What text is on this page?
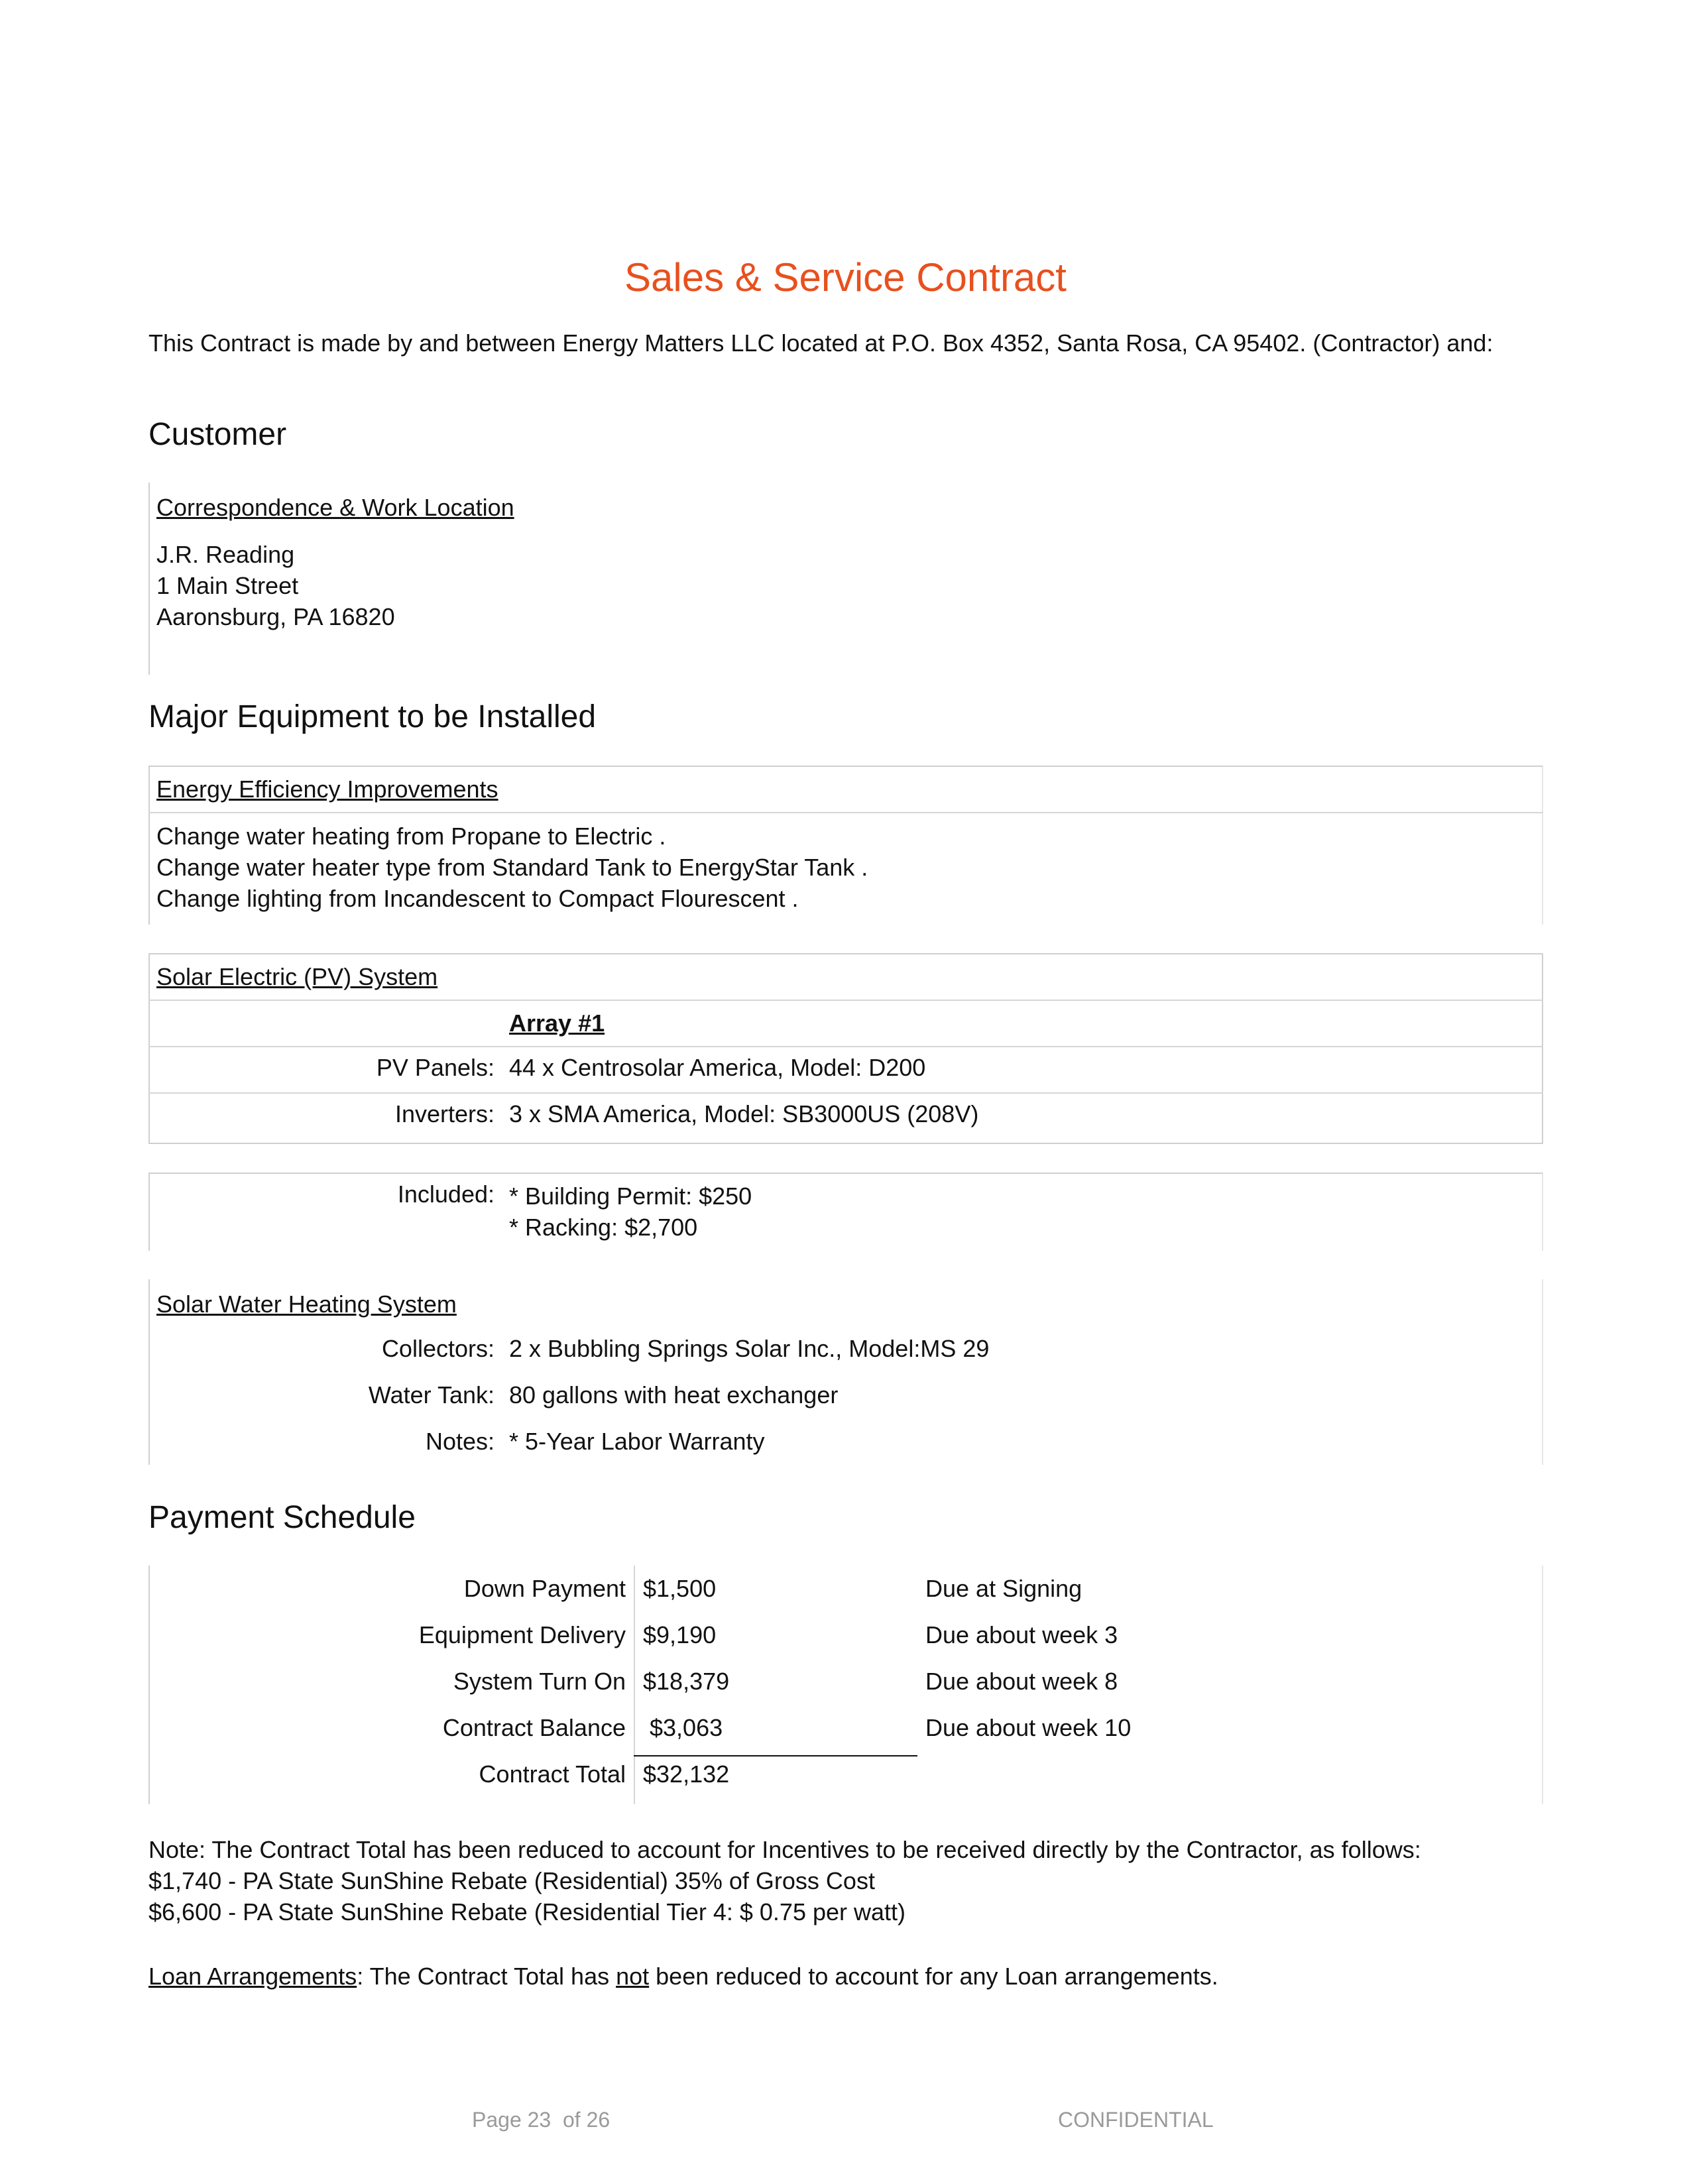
Sales & Service Contract
This Contract is made by and between Energy Matters LLC located at P.O. Box 4352, Santa Rosa, CA 95402. (Contractor) and:
Customer
Correspondence & Work Location
J.R. Reading
1 Main Street
Aaronsburg, PA 16820
Major Equipment to be Installed
Energy Efficiency Improvements
Change water heating from Propane to Electric .
Change water heater type from Standard Tank to EnergyStar Tank .
Change lighting from Incandescent to Compact Flourescent .
Solar Electric (PV) System
Array #1
PV Panels: 44 x Centrosolar America, Model: D200
Inverters: 3 x SMA America, Model: SB3000US (208V)
Included: * Building Permit: $250
* Racking: $2,700
Solar Water Heating System
Collectors: 2 x Bubbling Springs Solar Inc., Model:MS 29
Water Tank: 80 gallons with heat exchanger
Notes: * 5-Year Labor Warranty
Payment Schedule
Down Payment $1,500	Due at Signing
Equipment Delivery $9,190	Due about week 3
System Turn On $18,379	Due about week 8
Contract Balance $3,063	Due about week 10
Contract Total $32,132
Note: The Contract Total has been reduced to account for Incentives to be received directly by the Contractor, as follows:
$1,740 - PA State SunShine Rebate (Residential) 35% of Gross Cost
$6,600 - PA State SunShine Rebate (Residential Tier 4: $ 0.75 per watt)
Loan Arrangements: The Contract Total has not been reduced to account for any Loan arrangements.
Page 23  of 26	CONFIDENTIAL
